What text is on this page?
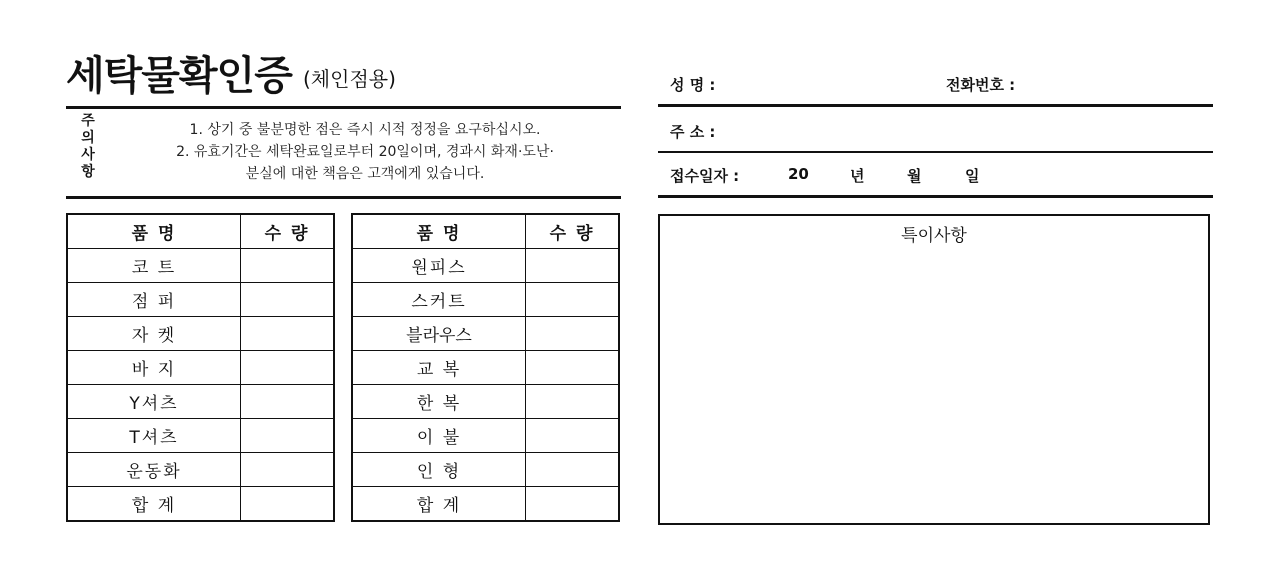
세탁물확인증 (체인점용)
주
의
사
항
1. 상기 중 불분명한 점은 즉시 시적 정정을 요구하십시오.
2. 유효기간은 세탁완료일로부터 20일이며, 경과시 화재·도난·
분실에 대한 책음은 고객에게 있습니다.
성 명 :	전화번호 :
주 소 :
접수일자 :	20	년	월	일
품 명	수 량
코 트	
점 퍼	
자 켓	
바 지	
Y셔츠	
T셔츠	
운동화	
합 계	
품 명	수 량
원피스	
스커트	
블라우스	
교 복	
한 복	
이 불	
인 형	
합 계	
특이사항
